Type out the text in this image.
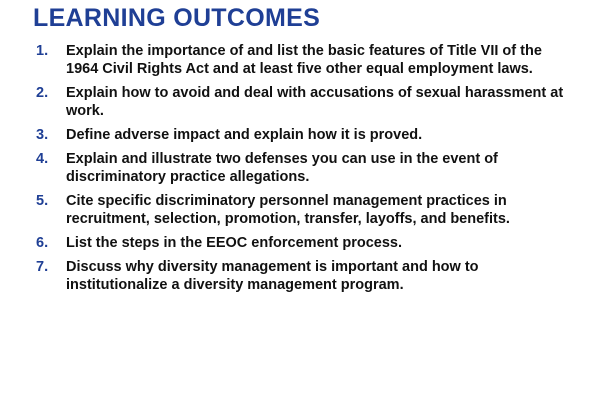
LEARNING OUTCOMES
1.	Explain the importance of and list the basic features of Title VII of the 1964 Civil Rights Act and at least five other equal employment laws.
2.	Explain how to avoid and deal with accusations of sexual harassment at work.
3.	Define adverse impact and explain how it is proved.
4.	Explain and illustrate two defenses you can use in the event of discriminatory practice allegations.
5.	Cite specific discriminatory personnel management practices in recruitment, selection, promotion, transfer, layoffs, and benefits.
6.	List the steps in the EEOC enforcement process.
7.	Discuss why diversity management is important and how to institutionalize a diversity management program.
